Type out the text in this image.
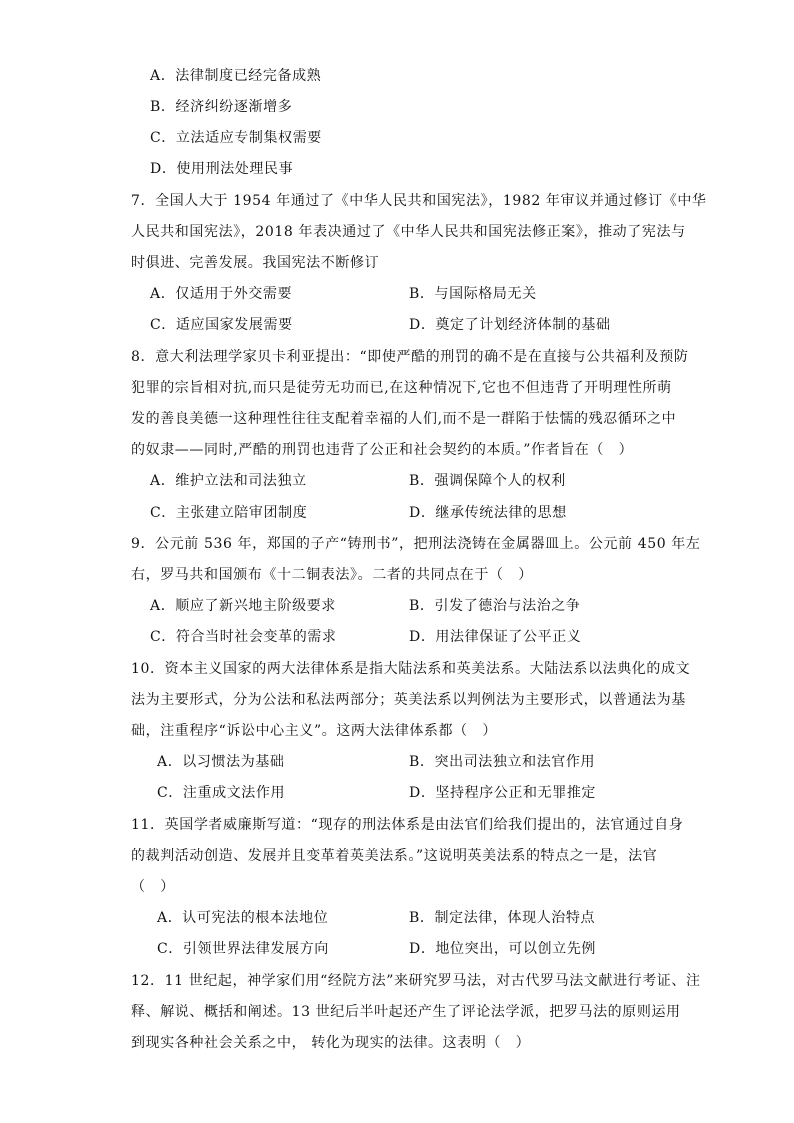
A．法律制度已经完备成熟
B．经济纠纷逐渐增多
C．立法适应专制集权需要
D．使用刑法处理民事
7．全国人大于 1954 年通过了《中华人民共和国宪法》，1982 年审议并通过修订《中华
人民共和国宪法》，2018 年表决通过了《中华人民共和国宪法修正案》，推动了宪法与
时俱进、完善发展。我国宪法不断修订
A．仅适用于外交需要	B．与国际格局无关
C．适应国家发展需要	D．奠定了计划经济体制的基础
8．意大利法理学家贝卡利亚提出：“即使严酷的刑罚的确不是在直接与公共福利及预防
犯罪的宗旨相对抗,而只是徒劳无功而已,在这种情况下,它也不但违背了开明理性所萌
发的善良美德一这种理性往往支配着幸福的人们,而不是一群陷于怯懦的残忍循环之中
的奴隶——同时,严酷的刑罚也违背了公正和社会契约的本质。”作者旨在（　）
A．维护立法和司法独立	B．强调保障个人的权利
C．主张建立陪审团制度	D．继承传统法律的思想
9．公元前 536 年，郑国的子产“铸刑书”，把刑法浇铸在金属器皿上。公元前 450 年左
右，罗马共和国颁布《十二铜表法》。二者的共同点在于（　）
A．顺应了新兴地主阶级要求	B．引发了德治与法治之争
C．符合当时社会变革的需求	D．用法律保证了公平正义
10．资本主义国家的两大法律体系是指大陆法系和英美法系。大陆法系以法典化的成文
法为主要形式，分为公法和私法两部分；英美法系以判例法为主要形式，以普通法为基
础，注重程序“诉讼中心主义”。这两大法律体系都（　）
A．以习惯法为基础	B．突出司法独立和法官作用
C．注重成文法作用	D．坚持程序公正和无罪推定
11．英国学者威廉斯写道：“现存的刑法体系是由法官们给我们提出的，法官通过自身
的裁判活动创造、发展并且变革着英美法系。”这说明英美法系的特点之一是，法官
（　）
A．认可宪法的根本法地位	B．制定法律，体现人治特点
C．引领世界法律发展方向	D．地位突出，可以创立先例
12．11 世纪起，神学家们用“经院方法”来研究罗马法，对古代罗马法文献进行考证、注
释、解说、概括和阐述。13 世纪后半叶起还产生了评论法学派，把罗马法的原则运用
到现实各种社会关系之中， 转化为现实的法律。这表明（　）
